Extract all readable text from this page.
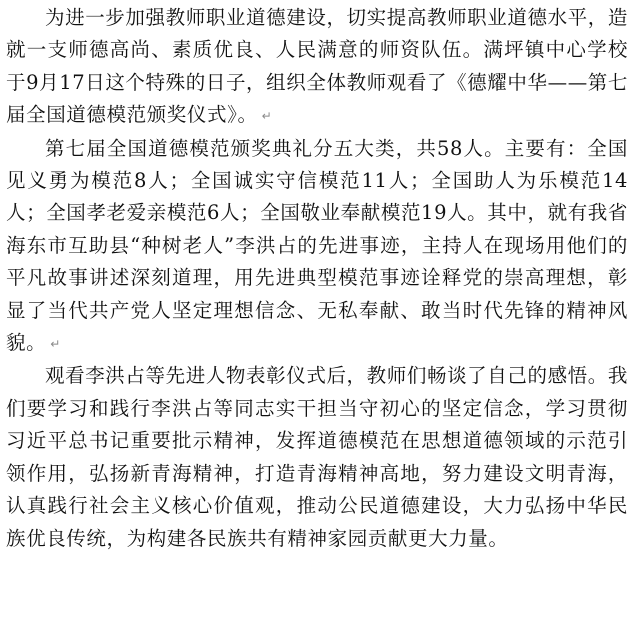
为进一步加强教师职业道德建设，切实提高教师职业道德水平，造就一支师德高尚、素质优良、人民满意的师资队伍。满坪镇中心学校于9月17日这个特殊的日子，组织全体教师观看了《德耀中华——第七届全国道德模范颁奖仪式》。 ↵

第七届全国道德模范颁奖典礼分五大类，共58人。主要有：全国见义勇为模范8人；全国诚实守信模范11人；全国助人为乐模范14人；全国孝老爱亲模范6人；全国敬业奉献模范19人。其中，就有我省海东市互助县“种树老人”李洪占的先进事迹，主持人在现场用他们的平凡故事讲述深刻道理，用先进典型模范事迹诠释党的崇高理想，彰显了当代共产党人坚定理想信念、无私奉献、敢当时代先锋的精神风貌。 ↵

观看李洪占等先进人物表彰仪式后，教师们畅谈了自己的感悟。我们要学习和践行李洪占等同志实干担当守初心的坚定信念，学习贯彻习近平总书记重要批示精神，发挥道德模范在思想道德领域的示范引领作用，弘扬新青海精神，打造青海精神高地，努力建设文明青海，认真践行社会主义核心价值观，推动公民道德建设，大力弘扬中华民族优良传统，为构建各民族共有精神家园贡献更大力量。
